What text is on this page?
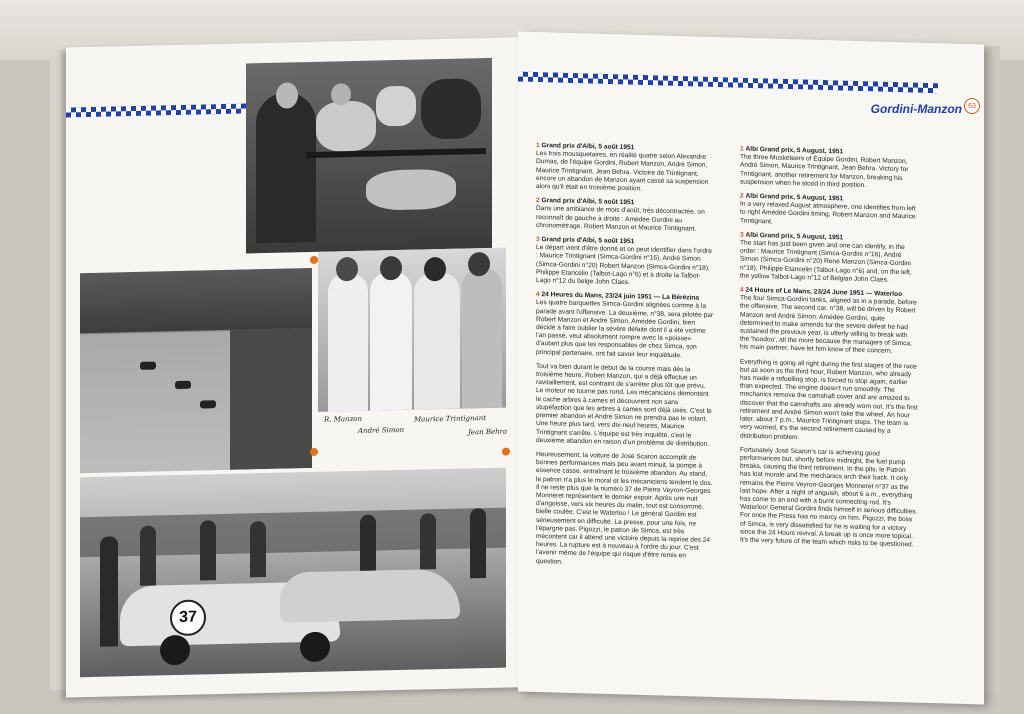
R. Manzon
André Simon
Maurice Trintignant
Jean Behra
37
Gordini-Manzon 63

1 Grand prix d'Albi, 5 août 1951
Les trois mousquetaires, en réalité quatre selon Alexandre Dumas, de l'équipe Gordini, Robert Manzon, André Simon, Maurice Trintignant, Jean Behra. Victoire de Trintignant, encore un abandon de Manzon ayant cassé sa suspension alors qu'il était en troisième position.

2 Grand prix d'Albi, 5 août 1951
Dans une ambiance de mois d'août, très décontractée, on reconnaît de gauche à droite : Amédée Gordini au chronométrage, Robert Manzon et Maurice Trintignant.

3 Grand prix d'Albi, 5 août 1951
Le départ vient d'être donné et on peut identifier dans l'ordre : Maurice Trintignant (Simca-Gordini n°16), André Simon (Simca-Gordini n°20) Robert Manzon (Simca-Gordini n°18), Philippe Etancelin (Talbot-Lago n°6) et à droite la Talbot-Lago n°12 du belge John Claes.

4 24 Heures du Mans, 23/24 juin 1951 — La Bérézina
Les quatre barquettes Simca-Gordini alignées comme à la parade avant l'offensive. La deuxième, n°38, sera pilotée par Robert Manzon et André Simon. Amédée Gordini, bien décidé à faire oublier la sévère défaite dont il a été victime l'an passé, veut absolument rompre avec la «poisse» d'autant plus que les responsables de chez Simca, son principal partenaire, ont fait savoir leur inquiétude.

Tout va bien durant le début de la course mais dès la troisième heure, Robert Manzon, qui a déjà effectué un ravitaillement, est contraint de s'arrêter plus tôt que prévu. Le moteur ne tourne pas rond. Les mécaniciens démontent le cache arbres à cames et découvrent non sans stupéfaction que les arbres à cames sont déjà usés. C'est le premier abandon et André Simon ne prendra pas le volant. Une heure plus tard, vers dix-neuf heures, Maurice Trintignant s'arrête. L'équipe est très inquiète, c'est le deuxième abandon en raison d'un problème de distribution.

Heureusement, la voiture de José Scaron accomplit de bonnes performances mais peu avant minuit, la pompe à essence casse, entraînant le troisième abandon. Au stand, le patron n'a plus le moral et les mécaniciens tendent le dos. Il ne reste plus que la numéro 37 de Pierre Veyron-Georges Monneret représentant le dernier espoir. Après une nuit d'angoisse, vers six heures du matin, tout est consommé, bielle coulée. C'est le Waterloo ! Le général Gordini est sérieusement en difficulté. La presse, pour une fois, ne l'épargne pas. Pigozzi, le patron de Simca, est très mécontent car il attend une victoire depuis la reprise des 24 heures. La rupture est à nouveau à l'ordre du jour. C'est l'avenir même de l'équipe qui risque d'être remis en question.

1 Albi Grand prix, 5 August, 1951
The three Musketeers of Équipe Gordini, Robert Manzon, André Simon, Maurice Trintignant, Jean Behra. Victory for Trintignant, another retirement for Manzon, breaking his suspension when he stood in third position.

2 Albi Grand prix, 5 August, 1951
In a very relaxed August atmosphere, one identifies from left to right Amédée Gordini timing, Robert Manzon and Maurice Trintignant.

3 Albi Grand prix, 5 August, 1951
The start has just been given and one can identify, in the order : Maurice Trintignant (Simca-Gordini n°16), André Simon (Simca-Gordini n°20) René Manzon (Simca-Gordini n°18), Philippe Etancelin (Talbot-Lago n°6) and, on the left, the yellow Talbot-Lago n°12 of Belgian John Claes.

4 24 Hours of Le Mans, 23/24 June 1951 — Waterloo
The four Simca-Gordini tanks, aligned as in a parade, before the offensive. The second car, n°38, will be driven by Robert Manzon and André Simon. Amédée Gordini, quite determined to make amends for the severe defeat he had sustained the previous year, is utterly willing to break with the 'hoodoo', all the more because the managers of Simca, his main partner, have let him know of their concern.

Everything is going all right during the first stages of the race but as soon as the third hour, Robert Manzon, who already has made a refuelling stop, is forced to stop again, earlier than expected. The engine doesn't run smoothly. The mechanics remove the camshaft cover and are amazed to discover that the camshafts are already worn out. It's the first retirement and André Simon won't take the wheel. An hour later, about 7 p.m., Maurice Trintignant stops. The team is very worried, it's the second retirement caused by a distribution problem.

Fortunately José Scaron's car is achieving good performances but, shortly before midnight, the fuel pump breaks, causing the third retirement. In the pits, le Patron has lost morale and the mechanics arch their back. It only remains the Pierre Veyron-Georges Monneret n°37 as the last hope. After a night of anguish, about 6 a.m., everything has come to an end with a burnt connecting rod. It's Waterloo! General Gordini finds himself in serious difficulties. For once the Press has no mercy on him. Pigozzi, the boss of Simca, is very dissatisfied for he is waiting for a victory since the 24 Hours revival. A break up is once more topical. It's the very future of the team which risks to be questioned.
